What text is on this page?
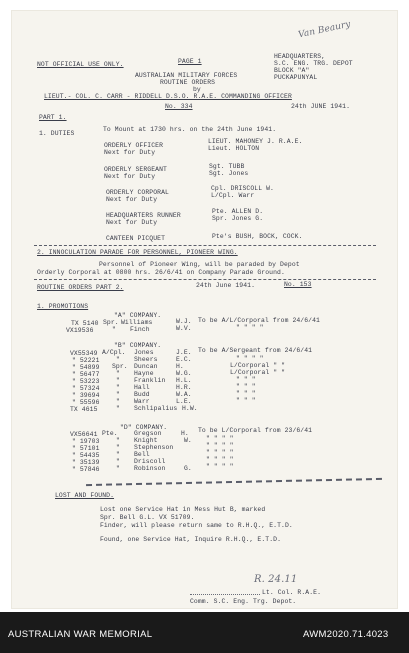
NOT OFFICIAL USE ONLY.	PAGE 1
Van Beaury
HEADQUARTERS,
S.C. ENG. TRG. DEPOT
BLOCK "A"
PUCKAPUNYAL
AUSTRALIAN MILITARY FORCES
ROUTINE ORDERS
by
LIEUT.- COL. C. CARR - RIDDELL D.S.O. R.A.E. COMMANDING OFFICER
No. 334	24th JUNE 1941.
PART 1.
1. DUTIES
To Mount at 1730 hrs. on the 24th June 1941.
ORDERLY OFFICER
Next for Duty
LIEUT. MAHONEY J. R.A.E.
Lieut. HOLTON
ORDERLY SERGEANT
Next for Duty
Sgt. TUBB
Sgt. Jones
ORDERLY CORPORAL
Next for Duty
Cpl. DRISCOLL W.
L/Cpl. Warr
HEADQUARTERS RUNNER
Next for Duty
Pte. ALLEN D.
Spr. Jones G.
CANTEEN PICQUET	Pte's BUSH, BOCK, COCK.
2. INNOCULATION PARADE FOR PERSONNEL, PIONEER WING.
Personnel of Pioneer Wing, will be paraded by Depot
Orderly Corporal at 0800 hrs. 26/6/41 on Company Parade Ground.
ROUTINE ORDERS PART 2.	24th June 1941.	No. 153
1. PROMOTIONS
"A" COMPANY.
TX 5140 Spr. Williams	W.J. To be A/L/Corporal from 24/6/41
VX19536	" Finch	W.V.	" " " "
"B" COMPANY.
VX55349 A/Cpl. Jones	J.E. To be A/Sergeant from 24/6/41
" 52221	" Sheers	E.C.	" " " "
" 54899 Spr. Duncan	H.	L/Corporal " "
" 56477	" Hayne	W.G.	L/Corporal " "
" 53223	" Franklin H.L.	" " "
" 57324	" Hall	H.R.	" " "
" 39694	" Budd	W.A.	" " "
" 55596	" Warr	L.E.	" " "
TX 4615	" Schlipalius H.W.
"D" COMPANY.
VX56641 Pte.	Gregson	H. To be L/Corporal from 23/6/41
" 19703	" Knight	W. " " " "
" 57101	" Stephenson	" " " "
" 54435	" Bell	" " " "
" 35139	" Driscoll	" " " "
" 57846	" Robinson	G. " " " "
LOST AND FOUND.
Lost one Service Hat in Mess Hut B, marked
Spr. Bell G.L. VX 51709.
Finder, will please return same to R.H.Q., E.T.D.
Found, one Service Hat, Inquire R.H.Q., E.T.D.
R. 24.11
Lt. Col. R.A.E.
Comm. S.C. Eng. Trg. Depot.
AUSTRALIAN WAR MEMORIAL	AWM2020.71.4023
